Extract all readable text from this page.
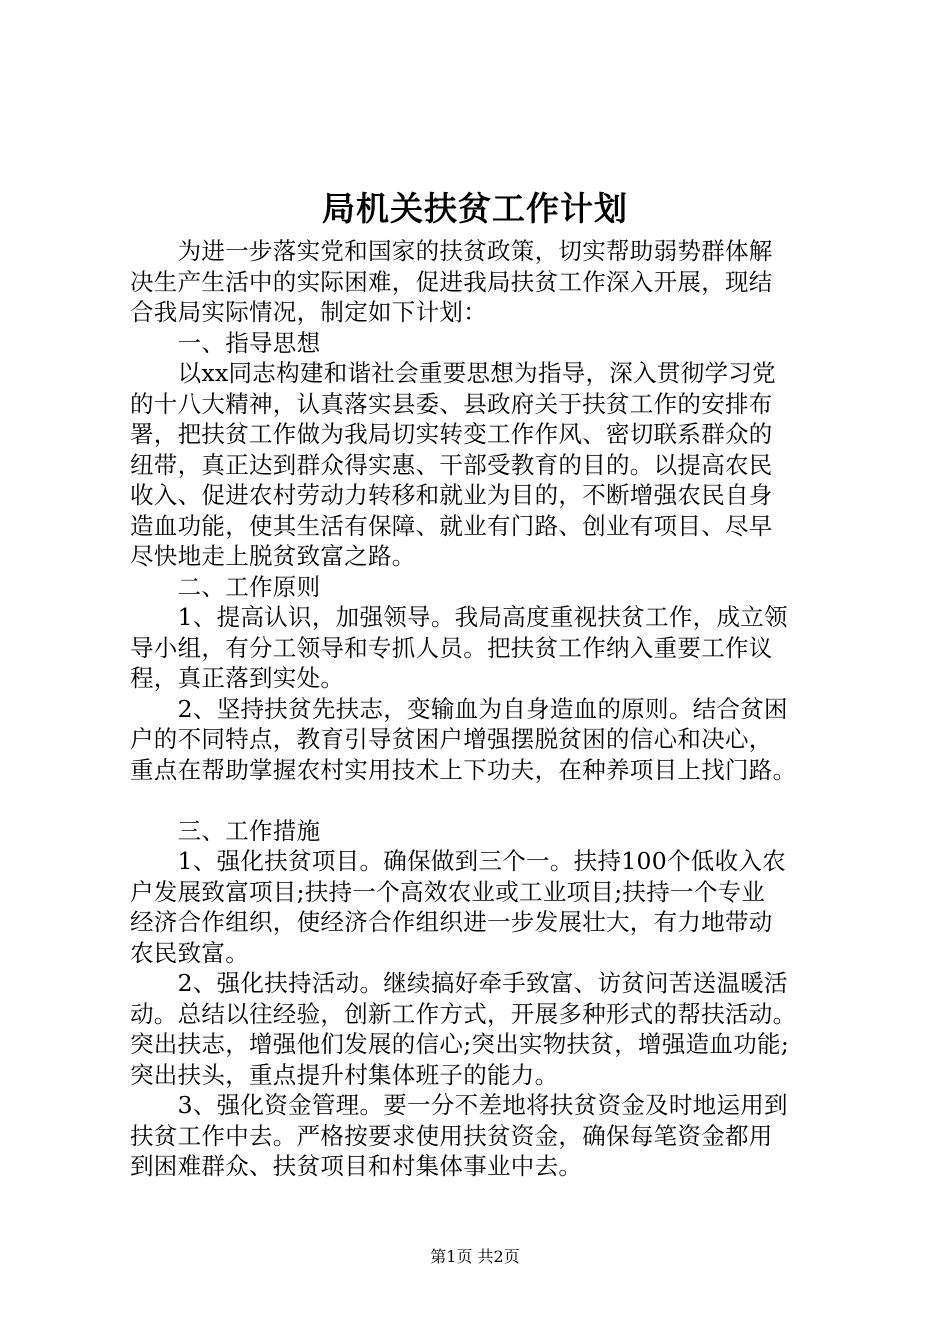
局机关扶贫工作计划
　　为进一步落实党和国家的扶贫政策，切实帮助弱势群体解
决生产生活中的实际困难，促进我局扶贫工作深入开展，现结
合我局实际情况，制定如下计划：
　　一、指导思想
　　以xx同志构建和谐社会重要思想为指导，深入贯彻学习党
的十八大精神，认真落实县委、县政府关于扶贫工作的安排布
署，把扶贫工作做为我局切实转变工作作风、密切联系群众的
纽带，真正达到群众得实惠、干部受教育的目的。以提高农民
收入、促进农村劳动力转移和就业为目的，不断增强农民自身
造血功能，使其生活有保障、就业有门路、创业有项目、尽早
尽快地走上脱贫致富之路。
　　二、工作原则
　　1、提高认识，加强领导。我局高度重视扶贫工作，成立领
导小组，有分工领导和专抓人员。把扶贫工作纳入重要工作议
程，真正落到实处。
　　2、坚持扶贫先扶志，变输血为自身造血的原则。结合贫困
户的不同特点，教育引导贫困户增强摆脱贫困的信心和决心，
重点在帮助掌握农村实用技术上下功夫，在种养项目上找门路。
　　三、工作措施
　　1、强化扶贫项目。确保做到三个一。扶持100个低收入农
户发展致富项目;扶持一个高效农业或工业项目;扶持一个专业
经济合作组织，使经济合作组织进一步发展壮大，有力地带动
农民致富。
　　2、强化扶持活动。继续搞好牵手致富、访贫问苦送温暖活
动。总结以往经验，创新工作方式，开展多种形式的帮扶活动。
突出扶志，增强他们发展的信心;突出实物扶贫，增强造血功能;
突出扶头，重点提升村集体班子的能力。
　　3、强化资金管理。要一分不差地将扶贫资金及时地运用到
扶贫工作中去。严格按要求使用扶贫资金，确保每笔资金都用
到困难群众、扶贫项目和村集体事业中去。
第1页 共2页
